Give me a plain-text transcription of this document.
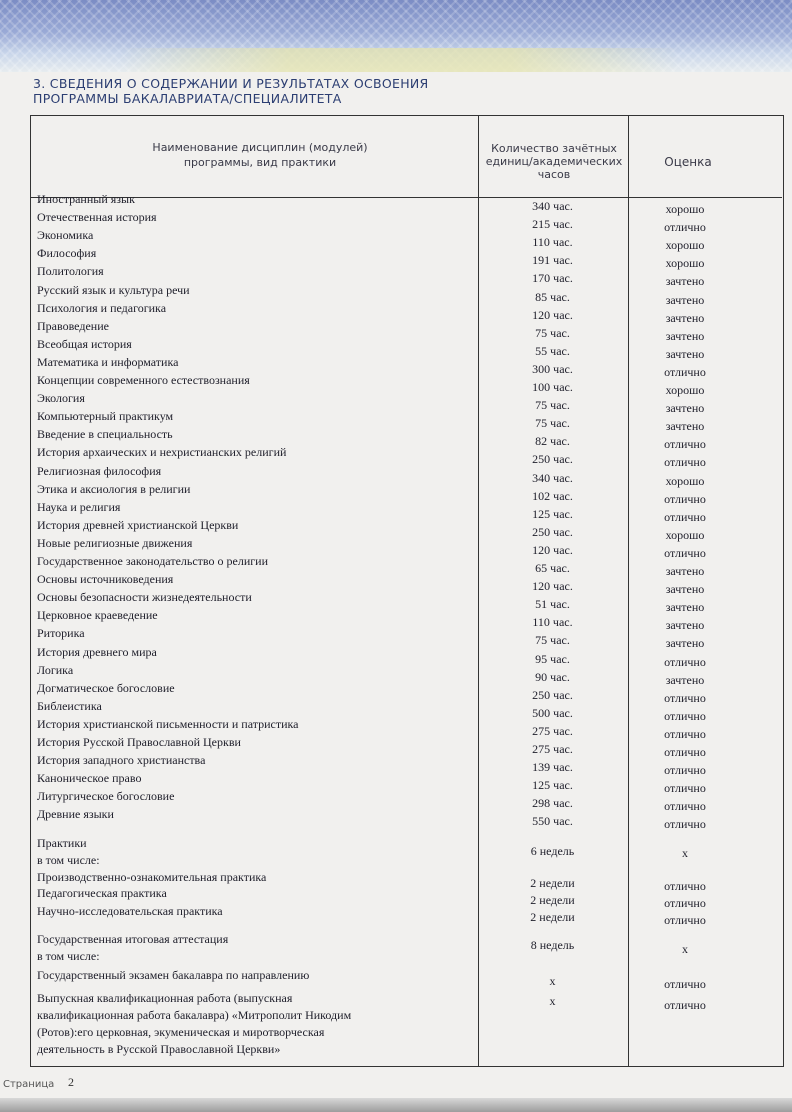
3. СВЕДЕНИЯ О СОДЕРЖАНИИ И РЕЗУЛЬТАТАХ ОСВОЕНИЯ
ПРОГРАММЫ БАКАЛАВРИАТА/СПЕЦИАЛИТЕТА
Наименование дисциплин (модулей)
программы, вид практики
Количество зачётных
единиц/академических
часов
Оценка
Иностранный язык	340 час.	хорошо
Отечественная история	215 час.	отлично
Экономика	110 час.	хорошо
Философия	191 час.	хорошо
Политология	170 час.	зачтено
Русский язык и культура речи	85 час.	зачтено
Психология и педагогика	120 час.	зачтено
Правоведение	75 час.	зачтено
Всеобщая история	55 час.	зачтено
Математика и информатика	300 час.	отлично
Концепции современного естествознания	100 час.	хорошо
Экология	75 час.	зачтено
Компьютерный практикум	75 час.	зачтено
Введение в специальность	82 час.	отлично
История архаических и нехристианских религий	250 час.	отлично
Религиозная философия	340 час.	хорошо
Этика и аксиология в религии	102 час.	отлично
Наука и религия	125 час.	отлично
История древней христианской Церкви	250 час.	хорошо
Новые религиозные движения	120 час.	отлично
Государственное законодательство о религии	65 час.	зачтено
Основы источниковедения	120 час.	зачтено
Основы безопасности жизнедеятельности	51 час.	зачтено
Церковное краеведение	110 час.	зачтено
Риторика	75 час.	зачтено
История древнего мира	95 час.	отлично
Логика	90 час.	зачтено
Догматическое богословие	250 час.	отлично
Библеистика	500 час.	отлично
История христианской письменности и патристика	275 час.	отлично
История Русской Православной Церкви	275 час.	отлично
История западного христианства	139 час.	отлично
Каноническое право	125 час.	отлично
Литургическое богословие	298 час.	отлично
Древние языки	550 час.	отлично
Практики
в том числе:
6 недель	x
Производственно-ознакомительная практика	2 недели	отлично
Педагогическая практика	2 недели	отлично
Научно-исследовательская практика	2 недели	отлично
Государственная итоговая аттестация
в том числе:
8 недель	x
Государственный экзамен бакалавра по направлению	x	отлично
Выпускная квалификационная работа (выпускная
квалификационная работа бакалавра) «Митрополит Никодим
(Ротов):его церковная, экуменическая и миротворческая
деятельность в Русской Православной Церкви»
x	отлично
Страница 2
